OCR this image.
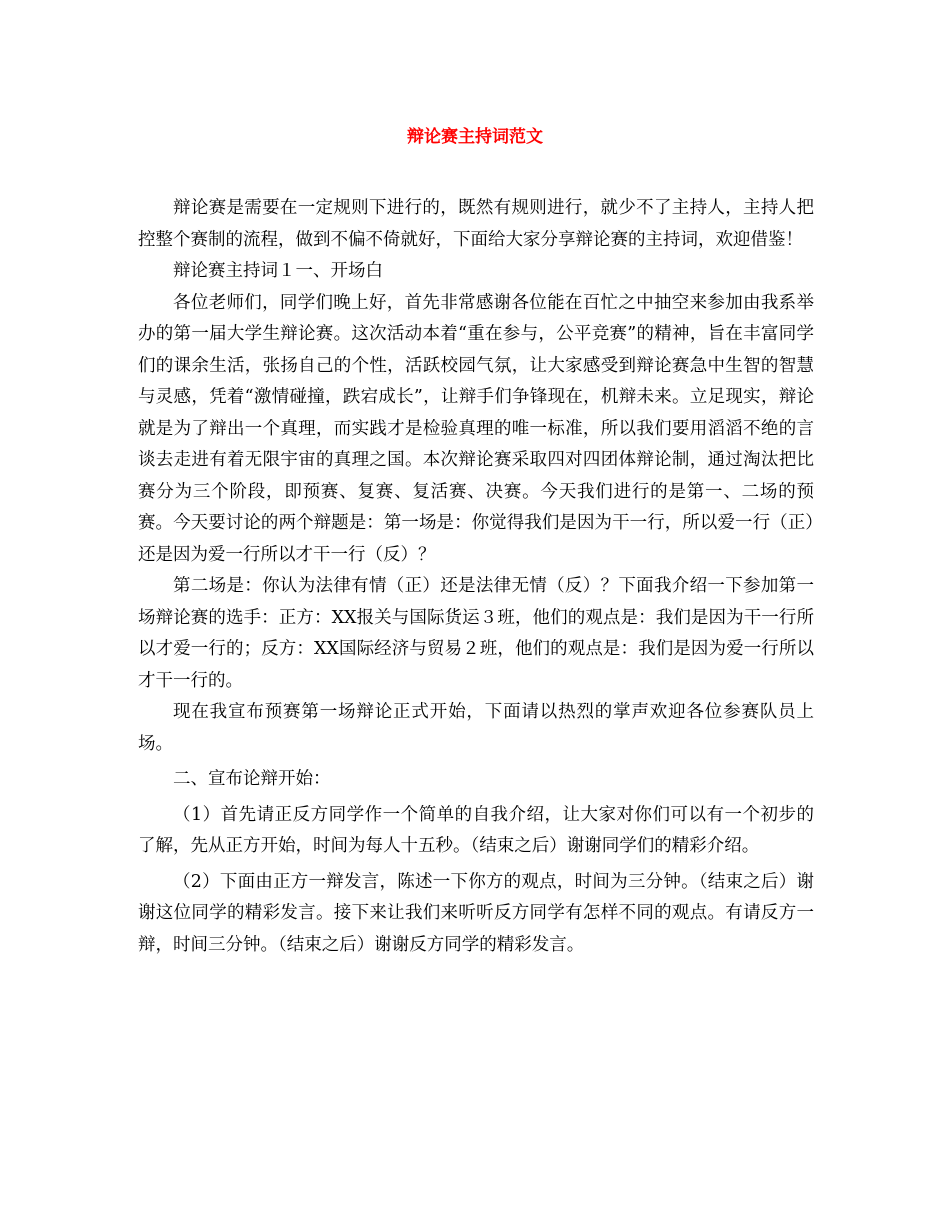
辩论赛主持词范文

辩论赛是需要在一定规则下进行的，既然有规则进行，就少不了主持人，主持人把控整个赛制的流程，做到不偏不倚就好，下面给大家分享辩论赛的主持词，欢迎借鉴！

辩论赛主持词１一、开场白

各位老师们，同学们晚上好，首先非常感谢各位能在百忙之中抽空来参加由我系举办的第一届大学生辩论赛。这次活动本着“重在参与，公平竞赛”的精神，旨在丰富同学们的课余生活，张扬自己的个性，活跃校园气氛，让大家感受到辩论赛急中生智的智慧与灵感，凭着“激情碰撞，跌宕成长”，让辩手们争锋现在，机辩未来。立足现实，辩论就是为了辩出一个真理，而实践才是检验真理的唯一标准，所以我们要用滔滔不绝的言谈去走进有着无限宇宙的真理之国。本次辩论赛采取四对四团体辩论制，通过淘汰把比赛分为三个阶段，即预赛、复赛、复活赛、决赛。今天我们进行的是第一、二场的预赛。今天要讨论的两个辩题是：第一场是：你觉得我们是因为干一行，所以爱一行（正）还是因为爱一行所以才干一行（反）？

第二场是：你认为法律有情（正）还是法律无情（反）？下面我介绍一下参加第一场辩论赛的选手：正方：XX报关与国际货运３班，他们的观点是：我们是因为干一行所以才爱一行的；反方：XX国际经济与贸易２班，他们的观点是：我们是因为爱一行所以才干一行的。

现在我宣布预赛第一场辩论正式开始，下面请以热烈的掌声欢迎各位参赛队员上场。

二、宣布论辩开始：

（1）首先请正反方同学作一个简单的自我介绍，让大家对你们可以有一个初步的了解，先从正方开始，时间为每人十五秒。（结束之后）谢谢同学们的精彩介绍。

（2）下面由正方一辩发言，陈述一下你方的观点，时间为三分钟。（结束之后）谢谢这位同学的精彩发言。接下来让我们来听听反方同学有怎样不同的观点。有请反方一辩，时间三分钟。（结束之后）谢谢反方同学的精彩发言。
